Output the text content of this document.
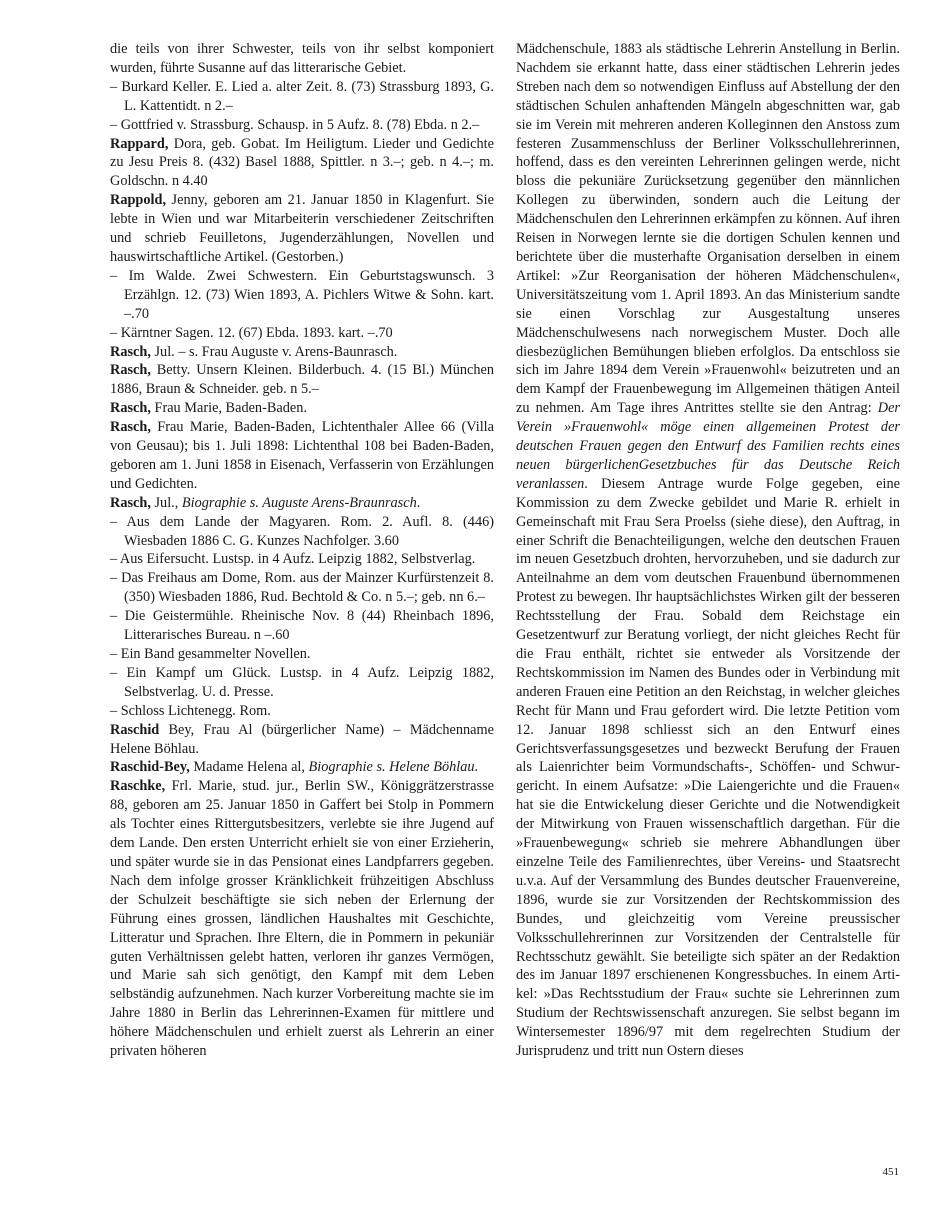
die teils von ihrer Schwester, teils von ihr selbst komponiert wurden, führte Susanne auf das litterarische Gebiet.

– Burkard Keller. E. Lied a. alter Zeit. 8. (73) Strassburg 1893, G. L. Kattentidt. n 2.–

– Gottfried v. Strassburg. Schausp. in 5 Aufz. 8. (78) Ebda. n 2.–

Rappard, Dora, geb. Gobat. Im Heiligtum. Lieder und Gedichte zu Jesu Preis 8. (432) Basel 1888, Spittler. n 3.–; geb. n 4.–; m. Goldschn. n 4.40

Rappold, Jenny, geboren am 21. Januar 1850 in Klagenfurt. Sie lebte in Wien und war Mitarbeiterin verschiedener Zeitschriften und schrieb Feuilletons, Jugenderzählungen, Novellen und hauswirtschaftliche Artikel. (Gestorben.)

– Im Walde. Zwei Schwestern. Ein Geburtstagswunsch. 3 Erzählgn. 12. (73) Wien 1893, A. Pichlers Witwe & Sohn. kart. –.70

– Kärntner Sagen. 12. (67) Ebda. 1893. kart. –.70

Rasch, Jul. – s. Frau Auguste v. Arens-Baunrasch.

Rasch, Betty. Unsern Kleinen. Bilderbuch. 4. (15 Bl.) München 1886, Braun & Schneider. geb. n 5.–

Rasch, Frau Marie, Baden-Baden.

Rasch, Frau Marie, Baden-Baden, Lichtenthaler Allee 66 (Villa von Geusau); bis 1. Juli 1898: Lichtenthal 108 bei Baden-Baden, geboren am 1. Juni 1858 in Eisenach, Verfasserin von Erzählungen und Gedichten.

Rasch, Jul., Biographie s. Auguste Arens-Braunrasch.

– Aus dem Lande der Magyaren. Rom. 2. Aufl. 8. (446) Wiesbaden 1886 C. G. Kunzes Nachfolger. 3.60

– Aus Eifersucht. Lustsp. in 4 Aufz. Leipzig 1882, Selbstverlag.

– Das Freihaus am Dome, Rom. aus der Mainzer Kurfürstenzeit 8. (350) Wiesbaden 1886, Rud. Bechtold & Co. n 5.–; geb. nn 6.–

– Die Geistermühle. Rheinische Nov. 8 (44) Rheinbach 1896, Litterarisches Bureau. n –.60

– Ein Band gesammelter Novellen.

– Ein Kampf um Glück. Lustsp. in 4 Aufz. Leipzig 1882, Selbstverlag. U. d. Presse.

– Schloss Lichtenegg. Rom.

Raschid Bey, Frau Al (bürgerlicher Name) – Mädchenname Helene Böhlau.

Raschid-Bey, Madame Helena al, Biographie s. Helene Böhlau.

Raschke, Frl. Marie, stud. jur., Berlin SW., Königgrätzerstrasse 88, geboren am 25. Januar 1850 in Gaffert bei Stolp in Pommern als Tochter eines Rittergutsbesitzers, verlebte sie ihre Jugend auf dem Lande. Den ersten Unterricht erhielt sie von einer Erzieherin, und später wurde sie in das Pensionat eines Landpfarrers gegeben. Nach dem infolge grosser Kränklichkeit frühzeitigen Abschluss der Schulzeit beschäftigte sie sich neben der Erlernung der Führung eines grossen, ländlichen Haushaltes mit Geschichte, Litteratur und Sprachen. Ihre Eltern, die in Pommern in pekuniär guten Verhältnissen gelebt hatten, verloren ihr ganzes Vermögen, und Marie sah sich genötigt, den Kampf mit dem Leben selbständig aufzunehmen. Nach kurzer Vorbereitung machte sie im Jahre 1880 in Berlin das Lehrerinnen-Examen für mittlere und höhere Mädchenschulen und erhielt zuerst als Lehrerin an einer privaten höheren

Mädchenschule, 1883 als städtische Lehrerin Anstellung in Berlin. Nachdem sie erkannt hatte, dass einer städtischen Lehrerin jedes Streben nach dem so notwendigen Einfluss auf Abstellung der den städtischen Schulen anhaftenden Mängeln abgeschnitten war, gab sie im Verein mit mehreren anderen Kolleginnen den Anstoss zum festeren Zusammenschluss der Berliner Volksschullehrerinnen, hoffend, dass es den vereinten Lehrerinnen gelingen werde, nicht bloss die pekuniäre Zurücksetzung gegenüber den männlichen Kollegen zu überwinden, sondern auch die Leitung der Mädchenschulen den Lehrerinnen erkämpfen zu können. Auf ihren Reisen in Norwegen lernte sie die dortigen Schulen kennen und berichtete über die musterhafte Organisation derselben in einem Artikel: »Zur Reorganisation der höheren Mädchenschulen«, Universitätszeitung vom 1. April 1893. An das Ministerium sandte sie einen Vorschlag zur Ausgestaltung unseres Mädchenschulwesens nach norwegischem Muster. Doch alle diesbezüglichen Bemühungen blieben erfolglos. Da entschloss sie sich im Jahre 1894 dem Verein »Frauenwohl« beizutreten und an dem Kampf der Frauenbewegung im Allgemeinen thätigen Anteil zu nehmen. Am Tage ihres Antrittes stellte sie den Antrag: Der Verein »Frauenwohl« möge einen allgemeinen Protest der deutschen Frauen gegen den Entwurf des Familien rechts eines neuen bürgerlichenGesetzbuches für das Deutsche Reich veranlassen. Diesem Antrage wurde Folge gegeben, eine Kommission zu dem Zwecke gebildet und Marie R. erhielt in Gemeinschaft mit Frau Sera Proelss (siehe diese), den Auftrag, in einer Schrift die Benachteiligungen, welche den deutschen Frauen im neuen Gesetzbuch drohten, hervorzuheben, und sie dadurch zur Anteilnahme an dem vom deutschen Frauenbund übernommenen Protest zu bewegen. Ihr hauptsächlichstes Wirken gilt der besseren Rechtsstellung der Frau. Sobald dem Reichstage ein Gesetzentwurf zur Beratung vorliegt, der nicht gleiches Recht für die Frau enthält, richtet sie entweder als Vorsitzende der Rechtskommission im Namen des Bundes oder in Verbindung mit anderen Frauen eine Petition an den Reichstag, in welcher gleiches Recht für Mann und Frau gefordert wird. Die letzte Petition vom 12. Januar 1898 schliesst sich an den Entwurf eines Gerichtsverfassungsgesetzes und bezweckt Berufung der Frauen als Laienrichter beim Vormundschafts-, Schöffen- und Schwurgericht. In einem Aufsatze: »Die Laiengerichte und die Frauen« hat sie die Entwickelung dieser Gerichte und die Notwendigkeit der Mitwirkung von Frauen wissenschaftlich dargethan. Für die »Frauenbewegung« schrieb sie mehrere Abhandlungen über einzelne Teile des Familienrechtes, über Vereins- und Staatsrecht u.v.a. Auf der Versammlung des Bundes deutscher Frauenvereine, 1896, wurde sie zur Vorsitzenden der Rechtskommission des Bundes, und gleichzeitig vom Vereine preussischer Volksschullehrerinnen zur Vorsitzenden der Centralstelle für Rechtsschutz gewählt. Sie beteiligte sich später an der Redaktion des im Januar 1897 erschienenen Kongressbuches. In einem Artikel: »Das Rechtsstudium der Frau« suchte sie Lehrerinnen zum Studium der Rechtswissenschaft anzuregen. Sie selbst begann im Wintersemester 1896/97 mit dem regelrechten Studium der Jurisprudenz und tritt nun Ostern dieses

451
